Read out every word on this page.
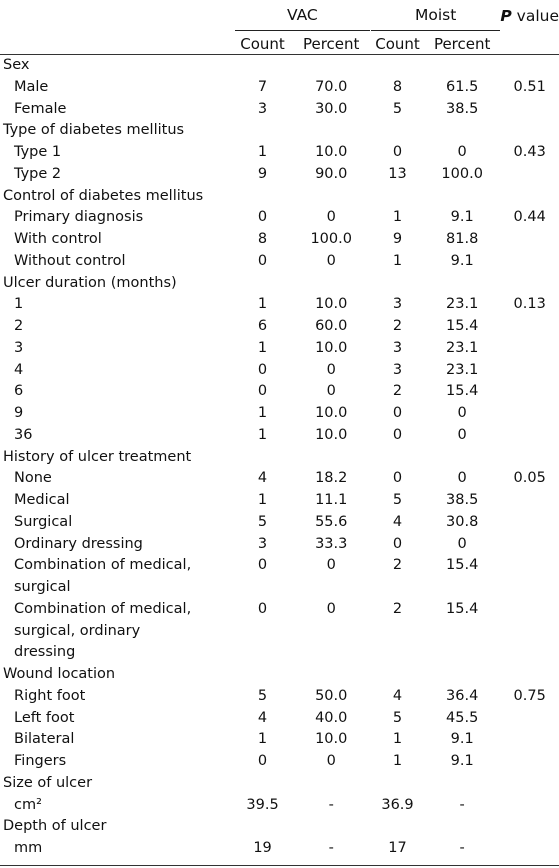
	VAC		Moist		P value
	Count	Percent	Count	Percent	
Sex					
Male	7	70.0	8	61.5	0.51
Female	3	30.0	5	38.5	
Type of diabetes mellitus					
Type 1	1	10.0	0	0	0.43
Type 2	9	90.0	13	100.0	
Control of diabetes mellitus					
Primary diagnosis	0	0	1	9.1	0.44
With control	8	100.0	9	81.8	
Without control	0	0	1	9.1	
Ulcer duration (months)					
1	1	10.0	3	23.1	0.13
2	6	60.0	2	15.4	
3	1	10.0	3	23.1	
4	0	0	3	23.1	
6	0	0	2	15.4	
9	1	10.0	0	0	
36	1	10.0	0	0	
History of ulcer treatment					
None	4	18.2	0	0	0.05
Medical	1	11.1	5	38.5	
Surgical	5	55.6	4	30.8	
Ordinary dressing	3	33.3	0	0	

Combination of medical,
surgical	0	0	2	15.4	

Combination of medical,
surgical, ordinary
dressing	0	0	2	15.4	
Wound location					
Right foot	5	50.0	4	36.4	0.75
Left foot	4	40.0	5	45.5	
Bilateral	1	10.0	1	9.1	
Fingers	0	0	1	9.1	
Size of ulcer					
cm²	39.5	-	36.9	-	
Depth of ulcer					
mm	19	-	17	-	
